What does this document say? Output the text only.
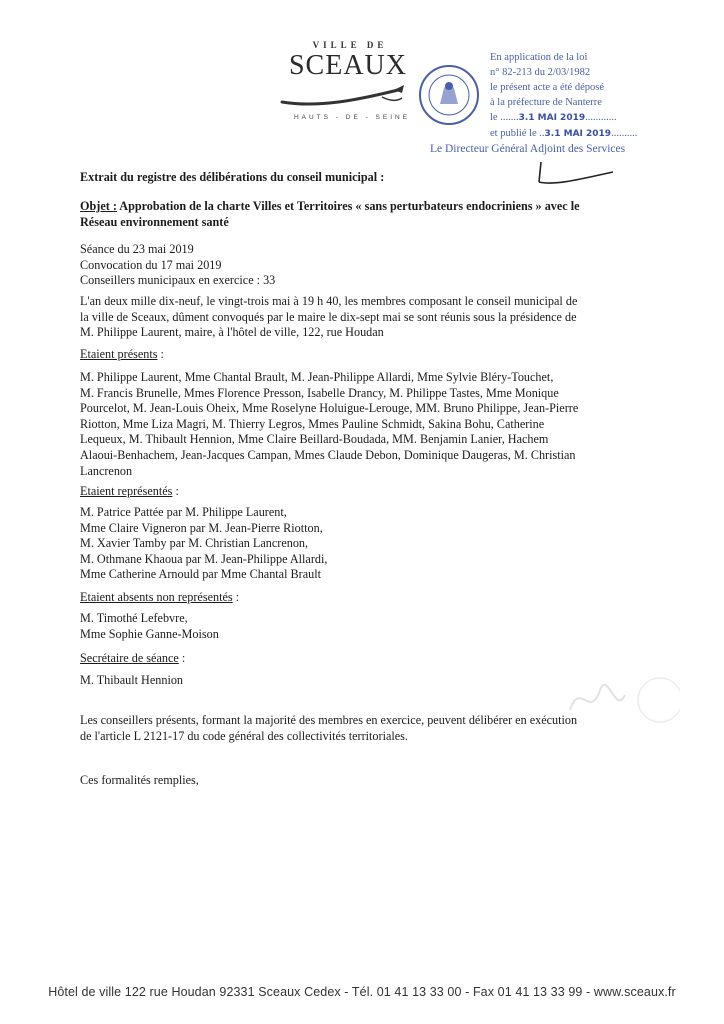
VILLE DE
SCEAUX
HAUTS - DE - SEINE
En application de la loi
n° 82-213 du 2/03/1982
le présent acte a été déposé
à la préfecture de Nanterre
le .......3.1 MAI 2019............
et publié le ..3.1 MAI 2019..........
Le Directeur Général Adjoint des Services
Extrait du registre des délibérations du conseil municipal :
Objet : Approbation de la charte Villes et Territoires « sans perturbateurs endocriniens » avec le
Réseau environnement santé
Séance du 23 mai 2019
Convocation du 17 mai 2019
Conseillers municipaux en exercice : 33
L'an deux mille dix-neuf, le vingt-trois mai à 19 h 40, les membres composant le conseil municipal de
la ville de Sceaux, dûment convoqués par le maire le dix-sept mai se sont réunis sous la présidence de
M. Philippe Laurent, maire, à l'hôtel de ville, 122, rue Houdan
Etaient présents :
M. Philippe Laurent, Mme Chantal Brault, M. Jean-Philippe Allardi, Mme Sylvie Bléry-Touchet,
M. Francis Brunelle, Mmes Florence Presson, Isabelle Drancy, M. Philippe Tastes, Mme Monique
Pourcelot, M. Jean-Louis Oheix, Mme Roselyne Holuigue-Lerouge, MM. Bruno Philippe, Jean-Pierre
Riotton, Mme Liza Magri, M. Thierry Legros, Mmes Pauline Schmidt, Sakina Bohu, Catherine
Lequeux, M. Thibault Hennion, Mme Claire Beillard-Boudada, MM. Benjamin Lanier, Hachem
Alaoui-Benhachem, Jean-Jacques Campan, Mmes Claude Debon, Dominique Daugeras, M. Christian
Lancrenon
Etaient représentés :
M. Patrice Pattée par M. Philippe Laurent,
Mme Claire Vigneron par M. Jean-Pierre Riotton,
M. Xavier Tamby par M. Christian Lancrenon,
M. Othmane Khaoua par M. Jean-Philippe Allardi,
Mme Catherine Arnould par Mme Chantal Brault
Etaient absents non représentés :
M. Timothé Lefebvre,
Mme Sophie Ganne-Moison
Secrétaire de séance :
M. Thibault Hennion
Les conseillers présents, formant la majorité des membres en exercice, peuvent délibérer en exécution
de l'article L 2121-17 du code général des collectivités territoriales.
Ces formalités remplies,
Hôtel de ville 122 rue Houdan 92331 Sceaux Cedex - Tél. 01 41 13 33 00 - Fax 01 41 13 33 99 - www.sceaux.fr
